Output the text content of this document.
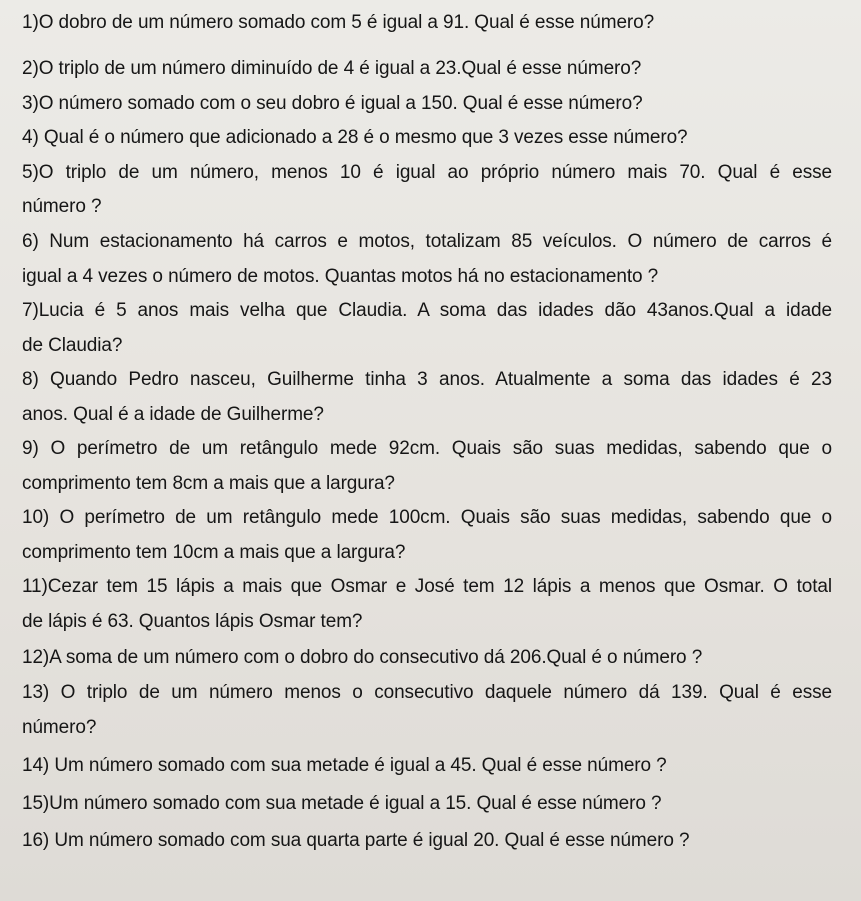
1)O dobro de um número somado com 5 é igual a 91. Qual é esse número?
2)O triplo de um número diminuído de 4 é igual a 23.Qual é esse número?
3)O número somado com o seu dobro é igual a 150. Qual é esse número?
4) Qual é o número que adicionado a 28 é o mesmo que 3 vezes esse número?
5)O triplo de um número, menos 10 é igual ao próprio número mais 70. Qual é esse
número ?
6) Num estacionamento há carros e motos, totalizam 85 veículos. O número de carros é
igual a 4 vezes o número de motos. Quantas motos há no estacionamento ?
7)Lucia é 5 anos mais velha que Claudia. A soma das idades dão 43anos.Qual a idade
de Claudia?
8) Quando Pedro nasceu, Guilherme tinha 3 anos. Atualmente a soma das idades é 23
anos. Qual é a idade de Guilherme?
9) O perímetro de um retângulo mede 92cm. Quais são suas medidas, sabendo que o
comprimento tem 8cm a mais que a largura?
10) O perímetro de um retângulo mede 100cm. Quais são suas medidas, sabendo que o
comprimento tem 10cm a mais que a largura?
11)Cezar tem 15 lápis a mais que Osmar e José tem 12 lápis a menos que Osmar. O total
de lápis é 63. Quantos lápis Osmar tem?
12)A soma de um número com o dobro do consecutivo dá 206.Qual é o número ?
13) O triplo de um número menos o consecutivo daquele número dá 139. Qual é esse
número?
14) Um número somado com sua metade é igual a 45. Qual é esse número ?
15)Um número somado com sua metade é igual a 15. Qual é esse número ?
16) Um número somado com sua quarta parte é igual 20. Qual é esse número ?
